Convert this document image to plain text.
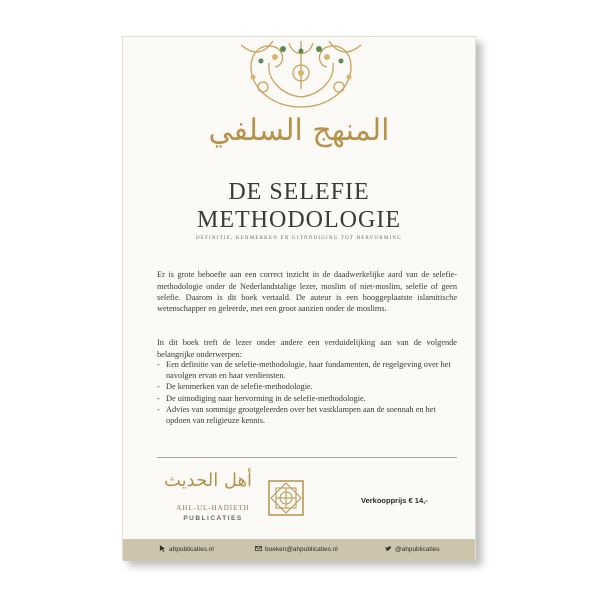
المنهج السلفي
DE SELEFIE
METHODOLOGIE
DEFINITIE, KENMERKEN EN UITNODIGING TOT HERVORMING

Er is grote behoefte aan een correct inzicht in de daadwerkelijke aard van de selefie-methodologie onder de Nederlandstalige lezer, moslim of niet-moslim, selefie of geen selefie. Daarom is dit boek vertaald. De auteur is een hooggeplaatste islamitische wetenschapper en geleerde, met een groot aanzien onder de moslims.

In dit boek treft de lezer onder andere een verduidelijking aan van de volgende belangrijke onderwerpen:

- Een definitie van de selefie-methodologie, haar fundamenten, de regelgeving over het navolgen ervan en haar verdiensten.
- De kenmerken van de selefie-methodologie.
- De uitnodiging naar hervorming in de selefie-methodologie.
- Advies van sommige grootgeleerden over het vastklampen aan de soennah en het opdoen van religieuze kennis.
أهل الحديث
AHL-UL-HADIETH
PUBLICATIES
Verkoopprijs € 14,-
ahpublicaties.nl	boeken@ahpublicaties.nl	@ahpublicaties
